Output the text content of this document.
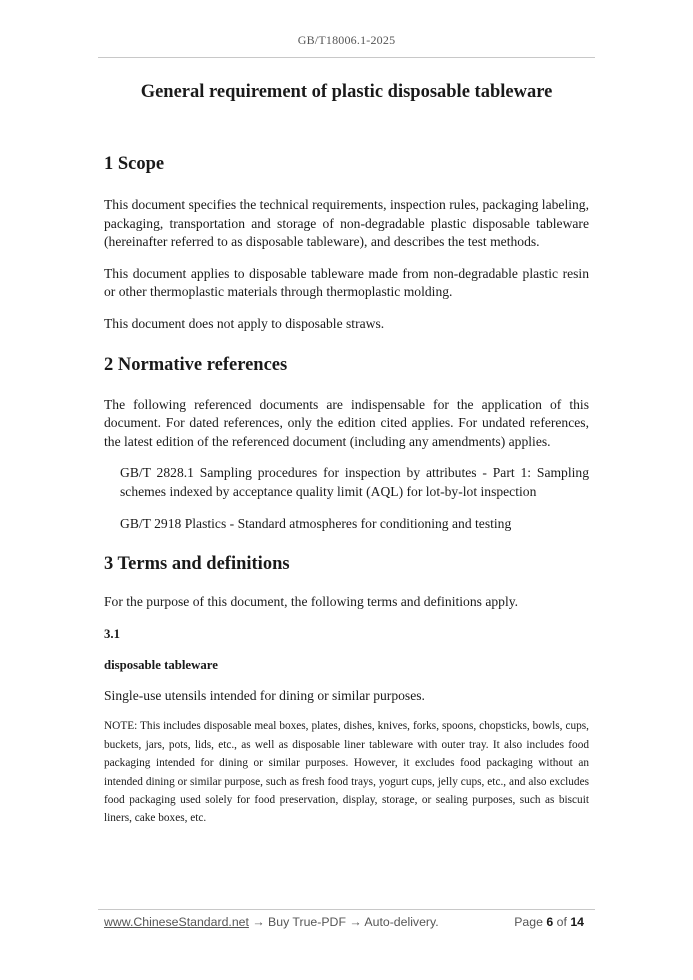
GB/T18006.1-2025
General requirement of plastic disposable tableware
1 Scope

This document specifies the technical requirements, inspection rules, packaging labeling, packaging, transportation and storage of non-degradable plastic disposable tableware (hereinafter referred to as disposable tableware), and describes the test methods.

This document applies to disposable tableware made from non-degradable plastic resin or other thermoplastic materials through thermoplastic molding.

This document does not apply to disposable straws.

2 Normative references

The following referenced documents are indispensable for the application of this document. For dated references, only the edition cited applies. For undated references, the latest edition of the referenced document (including any amendments) applies.

GB/T 2828.1 Sampling procedures for inspection by attributes - Part 1: Sampling schemes indexed by acceptance quality limit (AQL) for lot-by-lot inspection

GB/T 2918 Plastics - Standard atmospheres for conditioning and testing

3 Terms and definitions

For the purpose of this document, the following terms and definitions apply.

3.1
disposable tableware

Single-use utensils intended for dining or similar purposes.

NOTE: This includes disposable meal boxes, plates, dishes, knives, forks, spoons, chopsticks, bowls, cups, buckets, jars, pots, lids, etc., as well as disposable liner tableware with outer tray. It also includes food packaging intended for dining or similar purposes. However, it excludes food packaging without an intended dining or similar purpose, such as fresh food trays, yogurt cups, jelly cups, etc., and also excludes food packaging used solely for food preservation, display, storage, or sealing purposes, such as biscuit liners, cake boxes, etc.

www.ChineseStandard.net → Buy True-PDF → Auto-delivery.	Page 6 of 14
